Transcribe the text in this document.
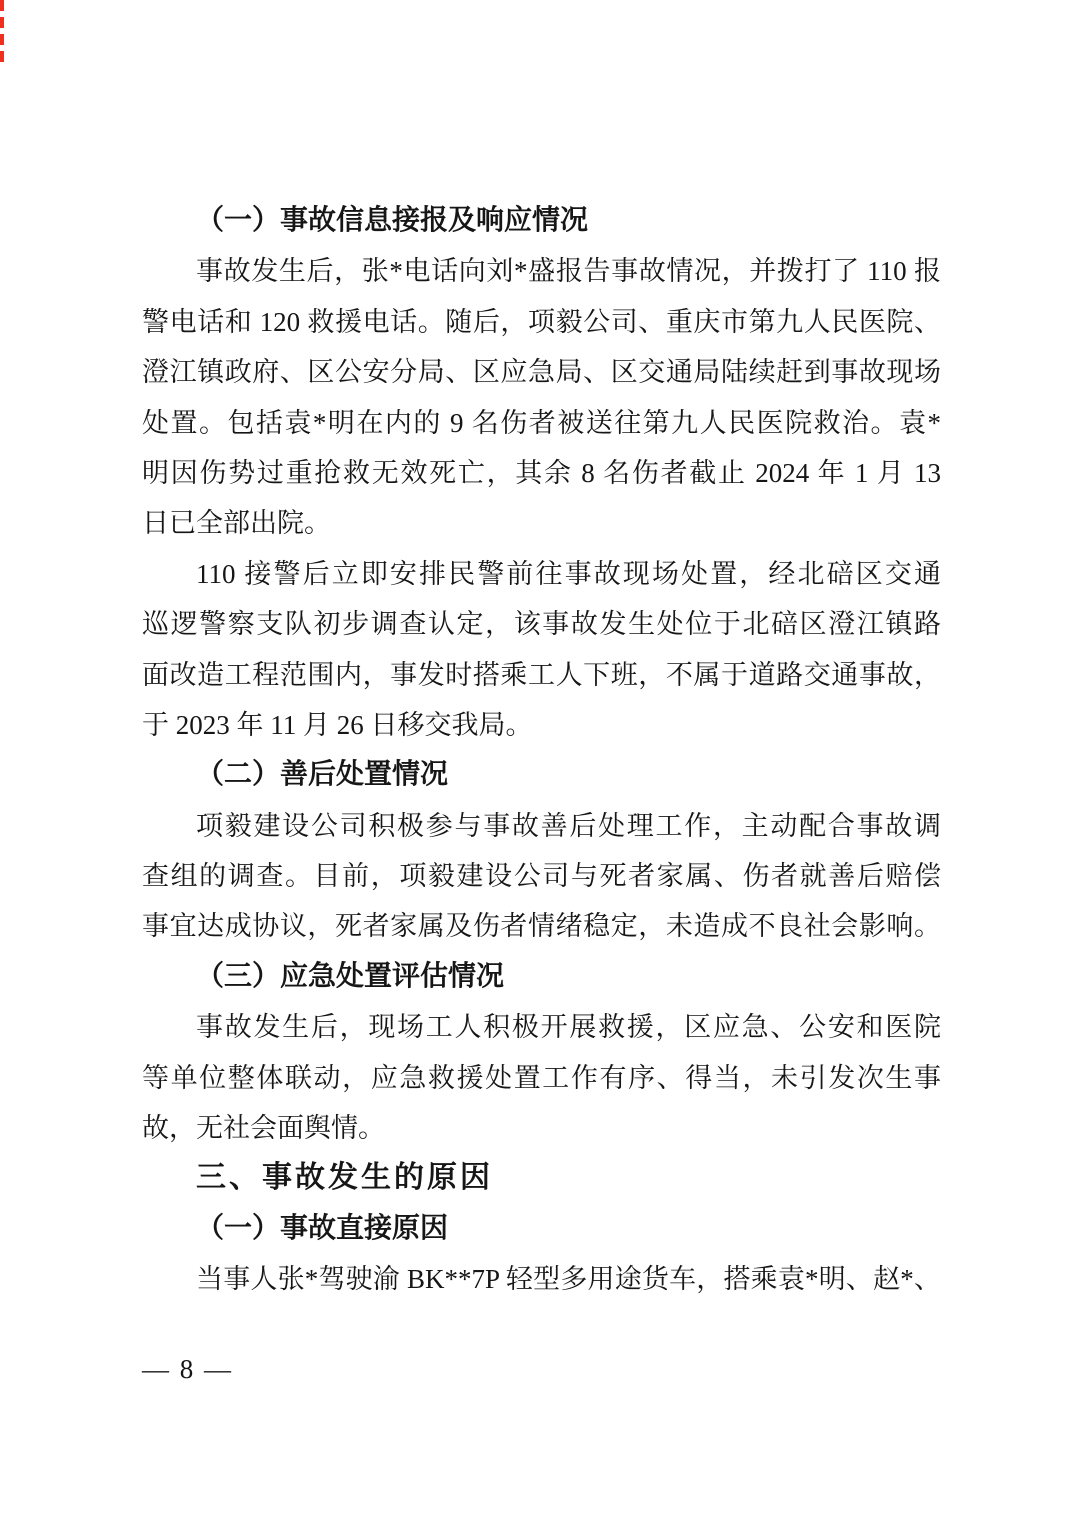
（一）事故信息接报及响应情况
事故发生后，张*电话向刘*盛报告事故情况，并拨打了 110 报
警电话和 120 救援电话。随后，项毅公司、重庆市第九人民医院、
澄江镇政府、区公安分局、区应急局、区交通局陆续赶到事故现场
处置。包括袁*明在内的 9 名伤者被送往第九人民医院救治。袁*
明因伤势过重抢救无效死亡，其余 8 名伤者截止 2024 年 1 月 13
日已全部出院。
110 接警后立即安排民警前往事故现场处置，经北碚区交通
巡逻警察支队初步调查认定，该事故发生处位于北碚区澄江镇路
面改造工程范围内，事发时搭乘工人下班，不属于道路交通事故，
于 2023 年 11 月 26 日移交我局。
（二）善后处置情况
项毅建设公司积极参与事故善后处理工作，主动配合事故调
查组的调查。目前，项毅建设公司与死者家属、伤者就善后赔偿
事宜达成协议，死者家属及伤者情绪稳定，未造成不良社会影响。
（三）应急处置评估情况
事故发生后，现场工人积极开展救援，区应急、公安和医院
等单位整体联动，应急救援处置工作有序、得当，未引发次生事
故，无社会面舆情。
三、事故发生的原因
（一）事故直接原因
当事人张*驾驶渝 BK**7P 轻型多用途货车，搭乘袁*明、赵*、
— 8 —
